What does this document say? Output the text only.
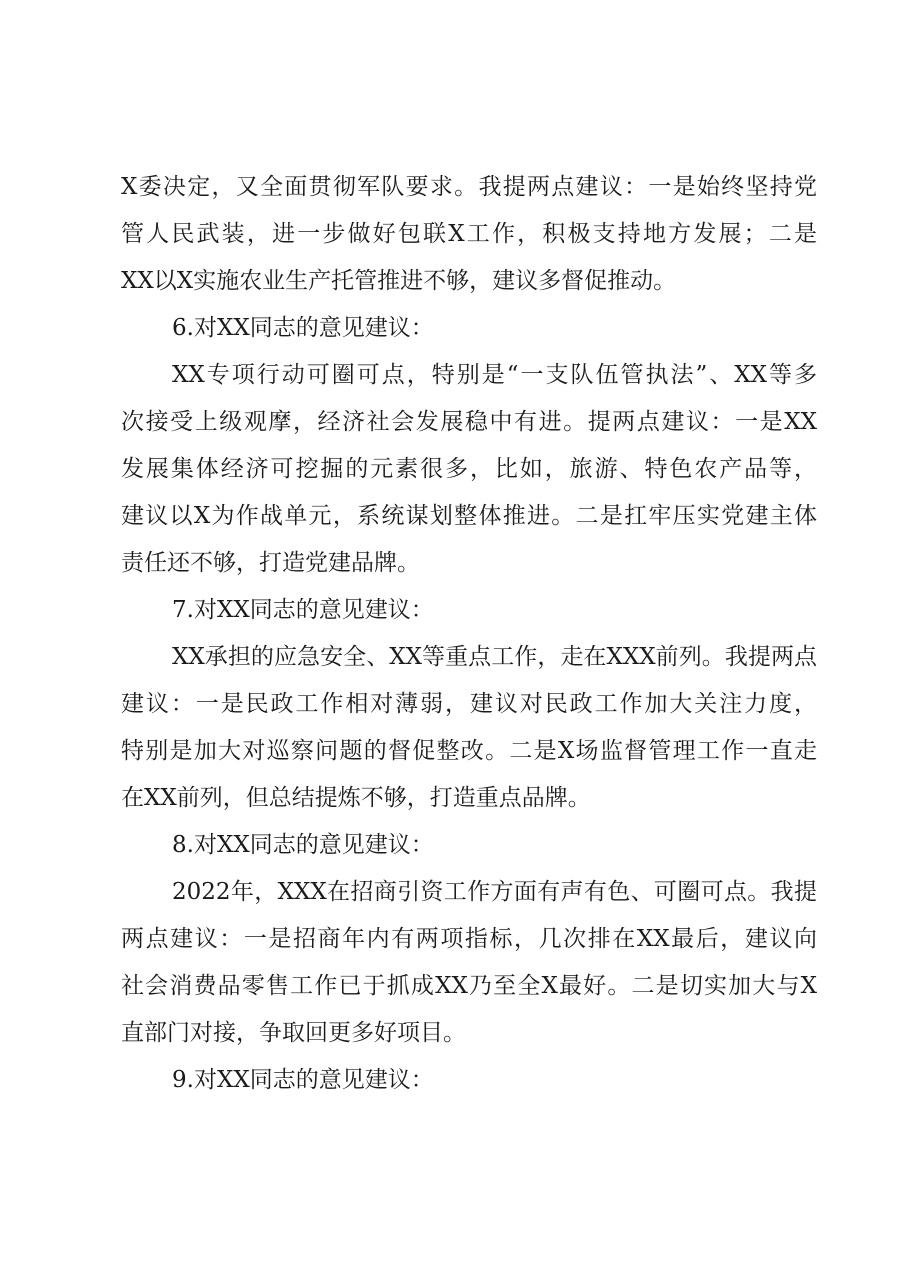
X委决定，又全面贯彻军队要求。我提两点建议：一是始终坚持党
管人民武装，进一步做好包联X工作，积极支持地方发展；二是
XX以X实施农业生产托管推进不够，建议多督促推动。
6.对XX同志的意见建议：
XX专项行动可圈可点，特别是“一支队伍管执法”、XX等多
次接受上级观摩，经济社会发展稳中有进。提两点建议：一是XX
发展集体经济可挖掘的元素很多，比如，旅游、特色农产品等，
建议以X为作战单元，系统谋划整体推进。二是扛牢压实党建主体
责任还不够，打造党建品牌。
7.对XX同志的意见建议：
XX承担的应急安全、XX等重点工作，走在XXX前列。我提两点
建议：一是民政工作相对薄弱，建议对民政工作加大关注力度，
特别是加大对巡察问题的督促整改。二是X场监督管理工作一直走
在XX前列，但总结提炼不够，打造重点品牌。
8.对XX同志的意见建议：
2022年，XXX在招商引资工作方面有声有色、可圈可点。我提
两点建议：一是招商年内有两项指标，几次排在XX最后，建议向
社会消费品零售工作已于抓成XX乃至全X最好。二是切实加大与X
直部门对接，争取回更多好项目。
9.对XX同志的意见建议：
